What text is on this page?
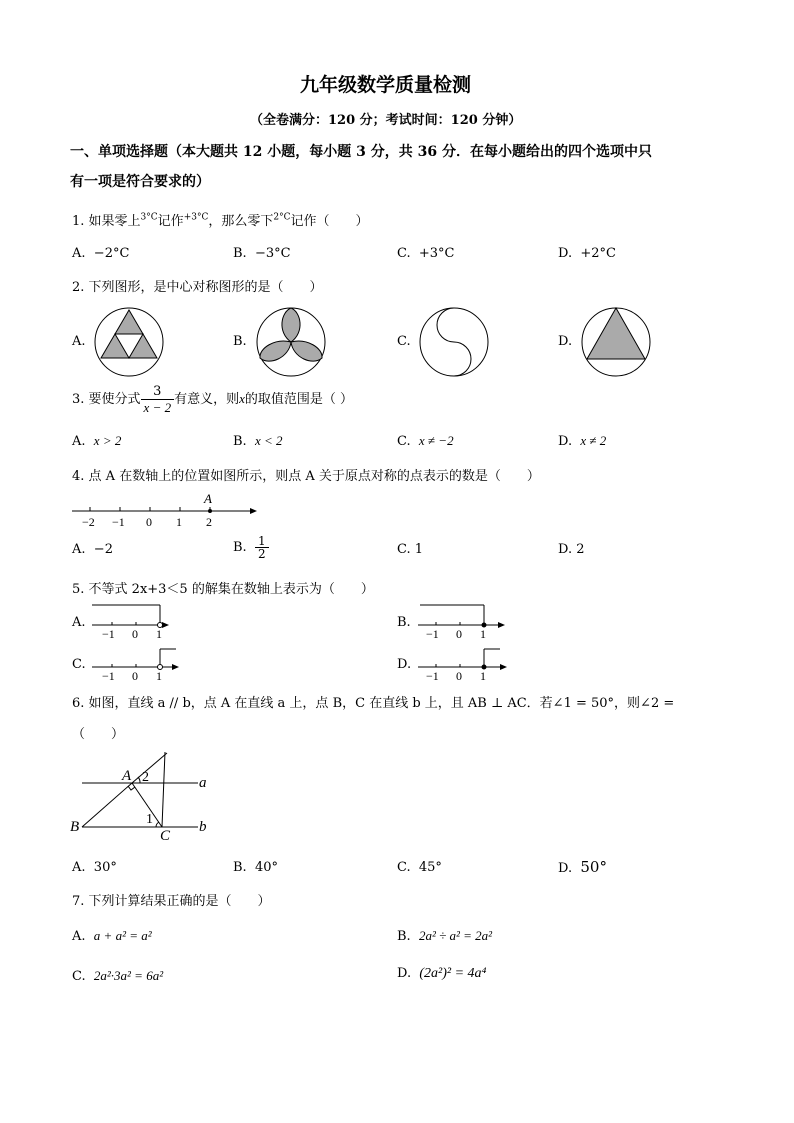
九年级数学质量检测
（全卷满分：120 分；考试时间：120 分钟）
一、单项选择题（本大题共 12 小题，每小题 3 分，共 36 分．在每小题给出的四个选项中只
有一项是符合要求的）
1. 如果零上$^{3^\circ C}$记作$^{+3^\circ C}$，那么零下$^{2^\circ C}$记作（　　）
A. −2°C	B. −3°C	C. +3°C	D. +2°C
2. 下列图形，是中心对称图形的是（　　）
A.	B.	C.	D.
3. 要使分式 $\frac{3}{x - 2}$ 有意义，则x的取值范围是（ ）
A. x > 2	B. x < 2	C. x ≠ −2	D. x ≠ 2
4. 点 A 在数轴上的位置如图所示，则点 A 关于原点对称的点表示的数是（　　）
A
−2 −1 0 1 2
A. −2	B. $\frac{1}{2}$	C. 1	D. 2
5. 不等式 2x+3＜5 的解集在数轴上表示为（　　）
A.
−1 0 1
B.
−1 0 1
C.
−1 0 1
D.
−1 0 1
6. 如图，直线 a // b，点 A 在直线 a 上，点 B，C 在直线 b 上，且 AB ⊥ AC．若∠1 = 50°，则∠2 =
（　　）
A 2	a
B	1
C
b
A. 30°	B. 40°	C. 45°	D. 50°
7. 下列计算结果正确的是（　　）
A. a + a² = a²	B. 2a² ÷ a² = 2a²
C. 2a²·3a² = 6a²	D. (2a²)² = 4a⁴
